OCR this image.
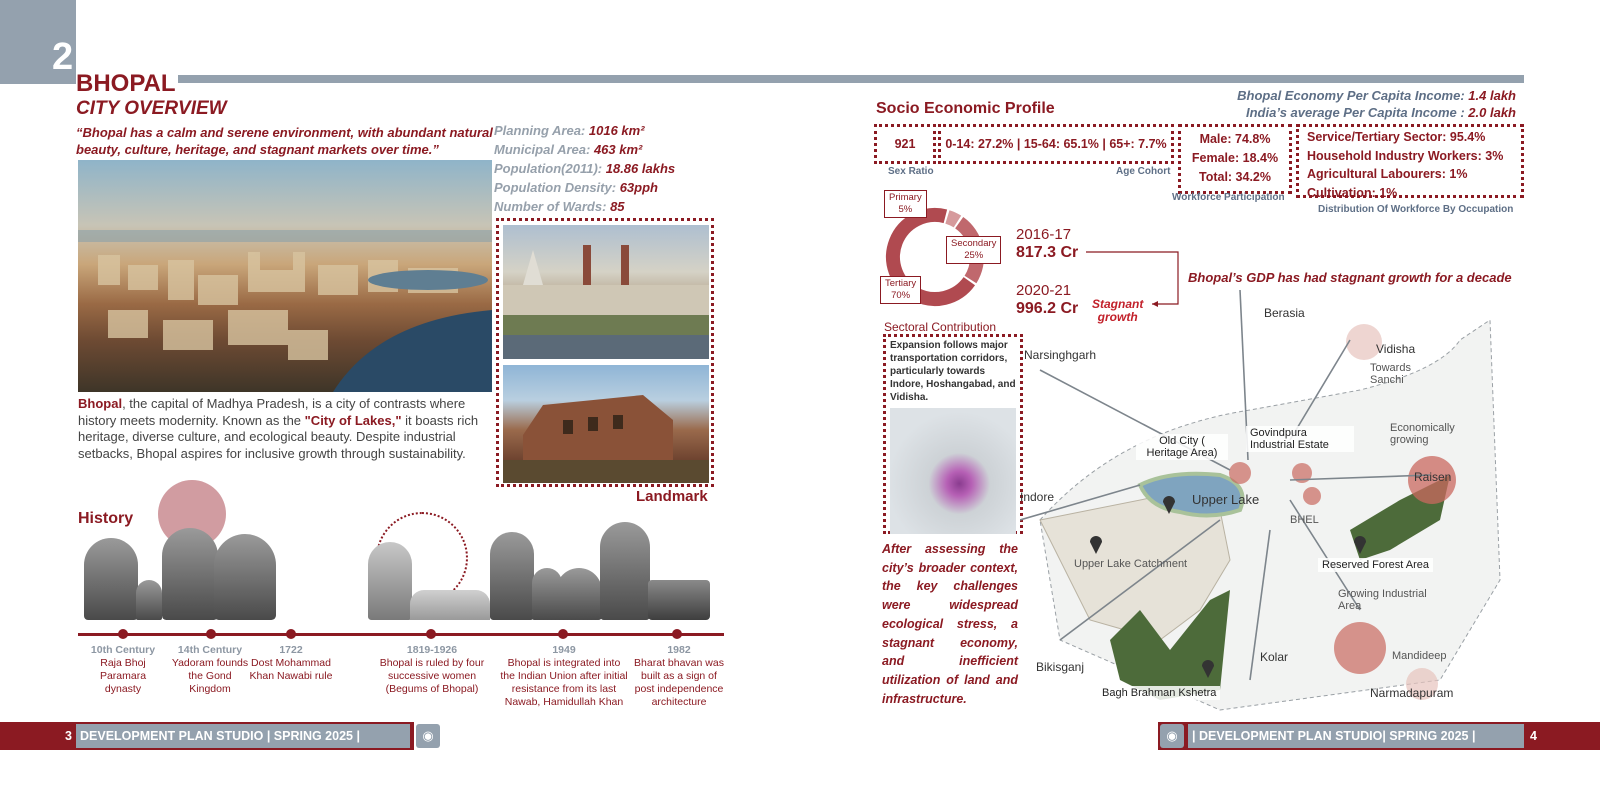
2
BHOPAL
CITY OVERVIEW
“Bhopal has a calm and serene environment, with abundant natural beauty, culture, heritage, and stagnant markets over time.”
Planning Area: 1016 km²
Municipal Area: 463 km²
Population(2011): 18.86 lakhs
Population Density: 63pph
Number of Wards: 85
Landmark
Bhopal, the capital of Madhya Pradesh, is a city of contrasts where history meets modernity. Known as the "City of Lakes," it boasts rich heritage, diverse culture, and ecological beauty. Despite industrial setbacks, Bhopal aspires for inclusive growth through sustainability.
History
10th Century
Raja Bhoj Paramara dynasty
14th Century
Yadoram founds the Gond Kingdom
1722
Dost Mohammad Khan Nawabi rule
1819-1926
Bhopal is ruled by four successive women (Begums of Bhopal)
1949
Bhopal is integrated into the Indian Union after initial resistance from its last Nawab, Hamidullah Khan
1982
Bharat bhavan was built as a sign of post independence architecture
3 DEVELOPMENT PLAN STUDIO | SPRING 2025 | BHOPAL |
◉
Socio Economic Profile
Bhopal Economy Per Capita Income: 1.4 lakh
India’s average Per Capita Income : 2.0 lakh
921
Sex Ratio
0-14: 27.2% | 15-64: 65.1% | 65+: 7.7%
Age Cohort
Male: 74.8%
Female: 18.4%
Total: 34.2%
Workforce Participation
Service/Tertiary Sector: 95.4%
Household Industry Workers: 3%
Agricultural Labourers: 1%
Cultivation: 1%
Distribution Of Workforce By Occupation
Primary
5%
Secondary
25%
Tertiary
70%
Sectoral Contribution
2016-17
817.3 Cr
2020-21
996.2 Cr Stagnant
growth
Bhopal’s GDP has had stagnant growth for a decade
Expansion follows major transportation corridors, particularly towards Indore, Hoshangabad, and Vidisha.
After assessing the city’s broader context, the key challenges were widespread ecological stress, a stagnant economy, and inefficient utilization of land and infrastructure.
Berasia
Narsinghgarh	Vidisha
Towards Sanchi
Old City ( Heritage Area)
Govindpura Industrial Estate
Economically growing
Raisen
Indore	Upper Lake
BHEL
Upper Lake Catchment	Reserved Forest Area
Growing Industrial Area
Mandideep
Bikisganj
Kolar
Bagh Brahman Kshetra	Narmadapuram
◉	| DEVELOPMENT PLAN STUDIO| SPRING 2025 | BHOPAL
4
